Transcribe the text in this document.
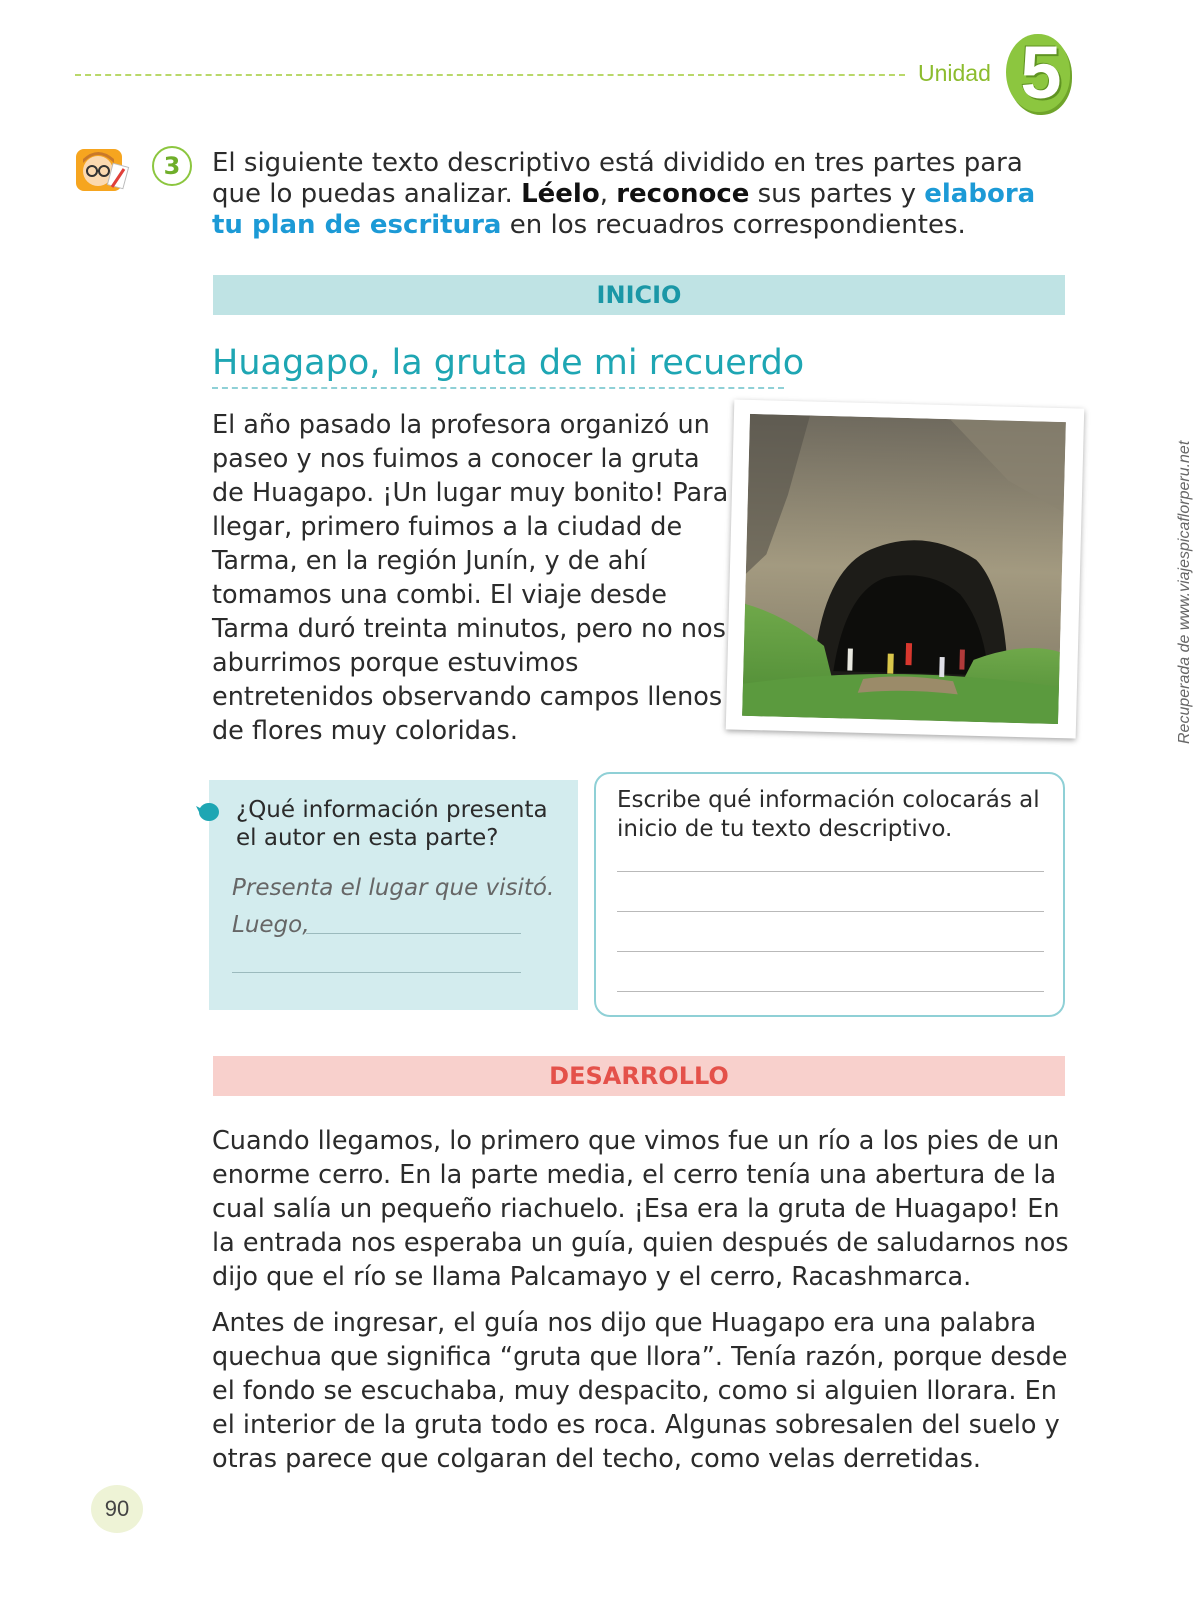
Unidad 5
3	El siguiente texto descriptivo está dividido en tres partes para que lo puedas analizar. Léelo, reconoce sus partes y elabora tu plan de escritura en los recuadros correspondientes.
INICIO
Huagapo, la gruta de mi recuerdo

El año pasado la profesora organizó un paseo y nos fuimos a conocer la gruta de Huagapo. ¡Un lugar muy bonito! Para llegar, primero fuimos a la ciudad de Tarma, en la región Junín, y de ahí tomamos una combi. El viaje desde Tarma duró treinta minutos, pero no nos aburrimos porque estuvimos entretenidos observando campos llenos de flores muy coloridas.	Recuperada de www.viajespicaflorperu.net
¿Qué información presenta el autor en esta parte?
Presenta el lugar que visitó.
Luego,
Escribe qué información colocarás al inicio de tu texto descriptivo.
DESARROLLO

Cuando llegamos, lo primero que vimos fue un río a los pies de un enorme cerro. En la parte media, el cerro tenía una abertura de la cual salía un pequeño riachuelo. ¡Esa era la gruta de Huagapo! En la entrada nos esperaba un guía, quien después de saludarnos nos dijo que el río se llama Palcamayo y el cerro, Racashmarca.

Antes de ingresar, el guía nos dijo que Huagapo era una palabra quechua que significa “gruta que llora”. Tenía razón, porque desde el fondo se escuchaba, muy despacito, como si alguien llorara. En el interior de la gruta todo es roca. Algunas sobresalen del suelo y otras parece que colgaran del techo, como velas derretidas.

90
